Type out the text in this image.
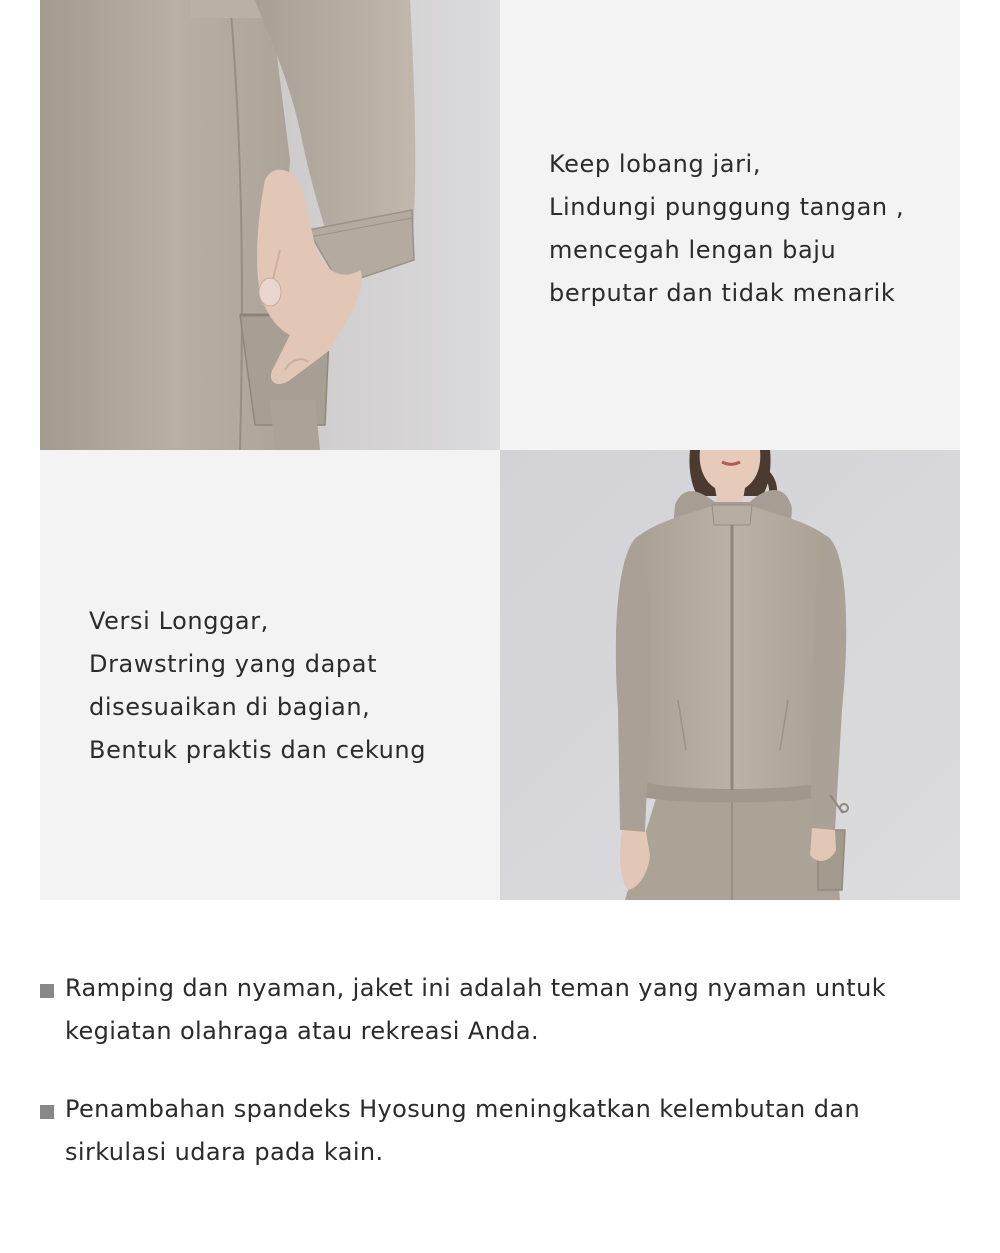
Keep lobang jari,
Lindungi punggung tangan ,
mencegah lengan baju
berputar dan tidak menarik
Versi Longgar,
Drawstring yang dapat
disesuaikan di bagian,
Bentuk praktis dan cekung
Ramping dan nyaman, jaket ini adalah teman yang nyaman untuk
kegiatan olahraga atau rekreasi Anda.
Penambahan spandeks Hyosung meningkatkan kelembutan dan
sirkulasi udara pada kain.
